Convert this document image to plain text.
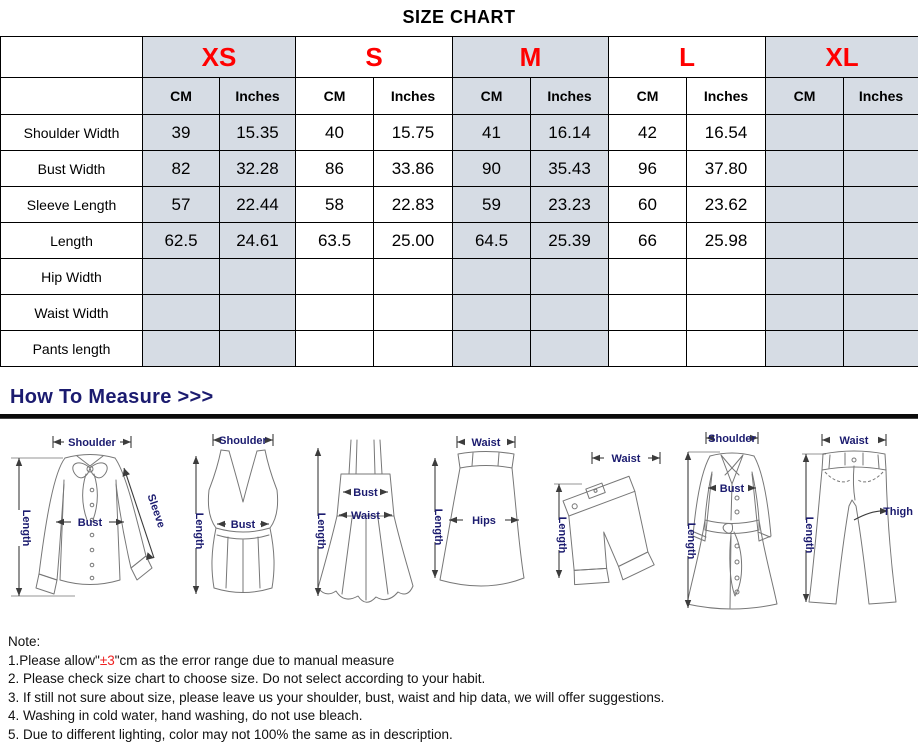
SIZE CHART
	XS		S		M		L		XL	
	CM	Inches	CM	Inches	CM	Inches	CM	Inches	CM	Inches
Shoulder Width	39	15.35	40	15.75	41	16.14	42	16.54		
Bust Width	82	32.28	86	33.86	90	35.43	96	37.80		
Sleeve Length	57	22.44	58	22.83	59	23.23	60	23.62		
Length	62.5	24.61	63.5	25.00	64.5	25.39	66	25.98		
Hip Width										
Waist Width										
Pants length										
How To Measure >>>
Shoulder
Length	Bust	Sleeve
Shoulder
Length Bust	Length
Bust
Waist
Waist
Length	Hips
Waist
Length
Shoulder
Length
Bust
Waist
Length
Thigh
Note:
1.Please allow"±3"cm as the error range due to manual measure
2. Please check size chart to choose size. Do not select according to your habit.
3. If still not sure about size, please leave us your shoulder, bust, waist and hip data, we will offer suggestions.
4. Washing in cold water, hand washing, do not use bleach.
5. Due to different lighting, color may not 100% the same as in description.
